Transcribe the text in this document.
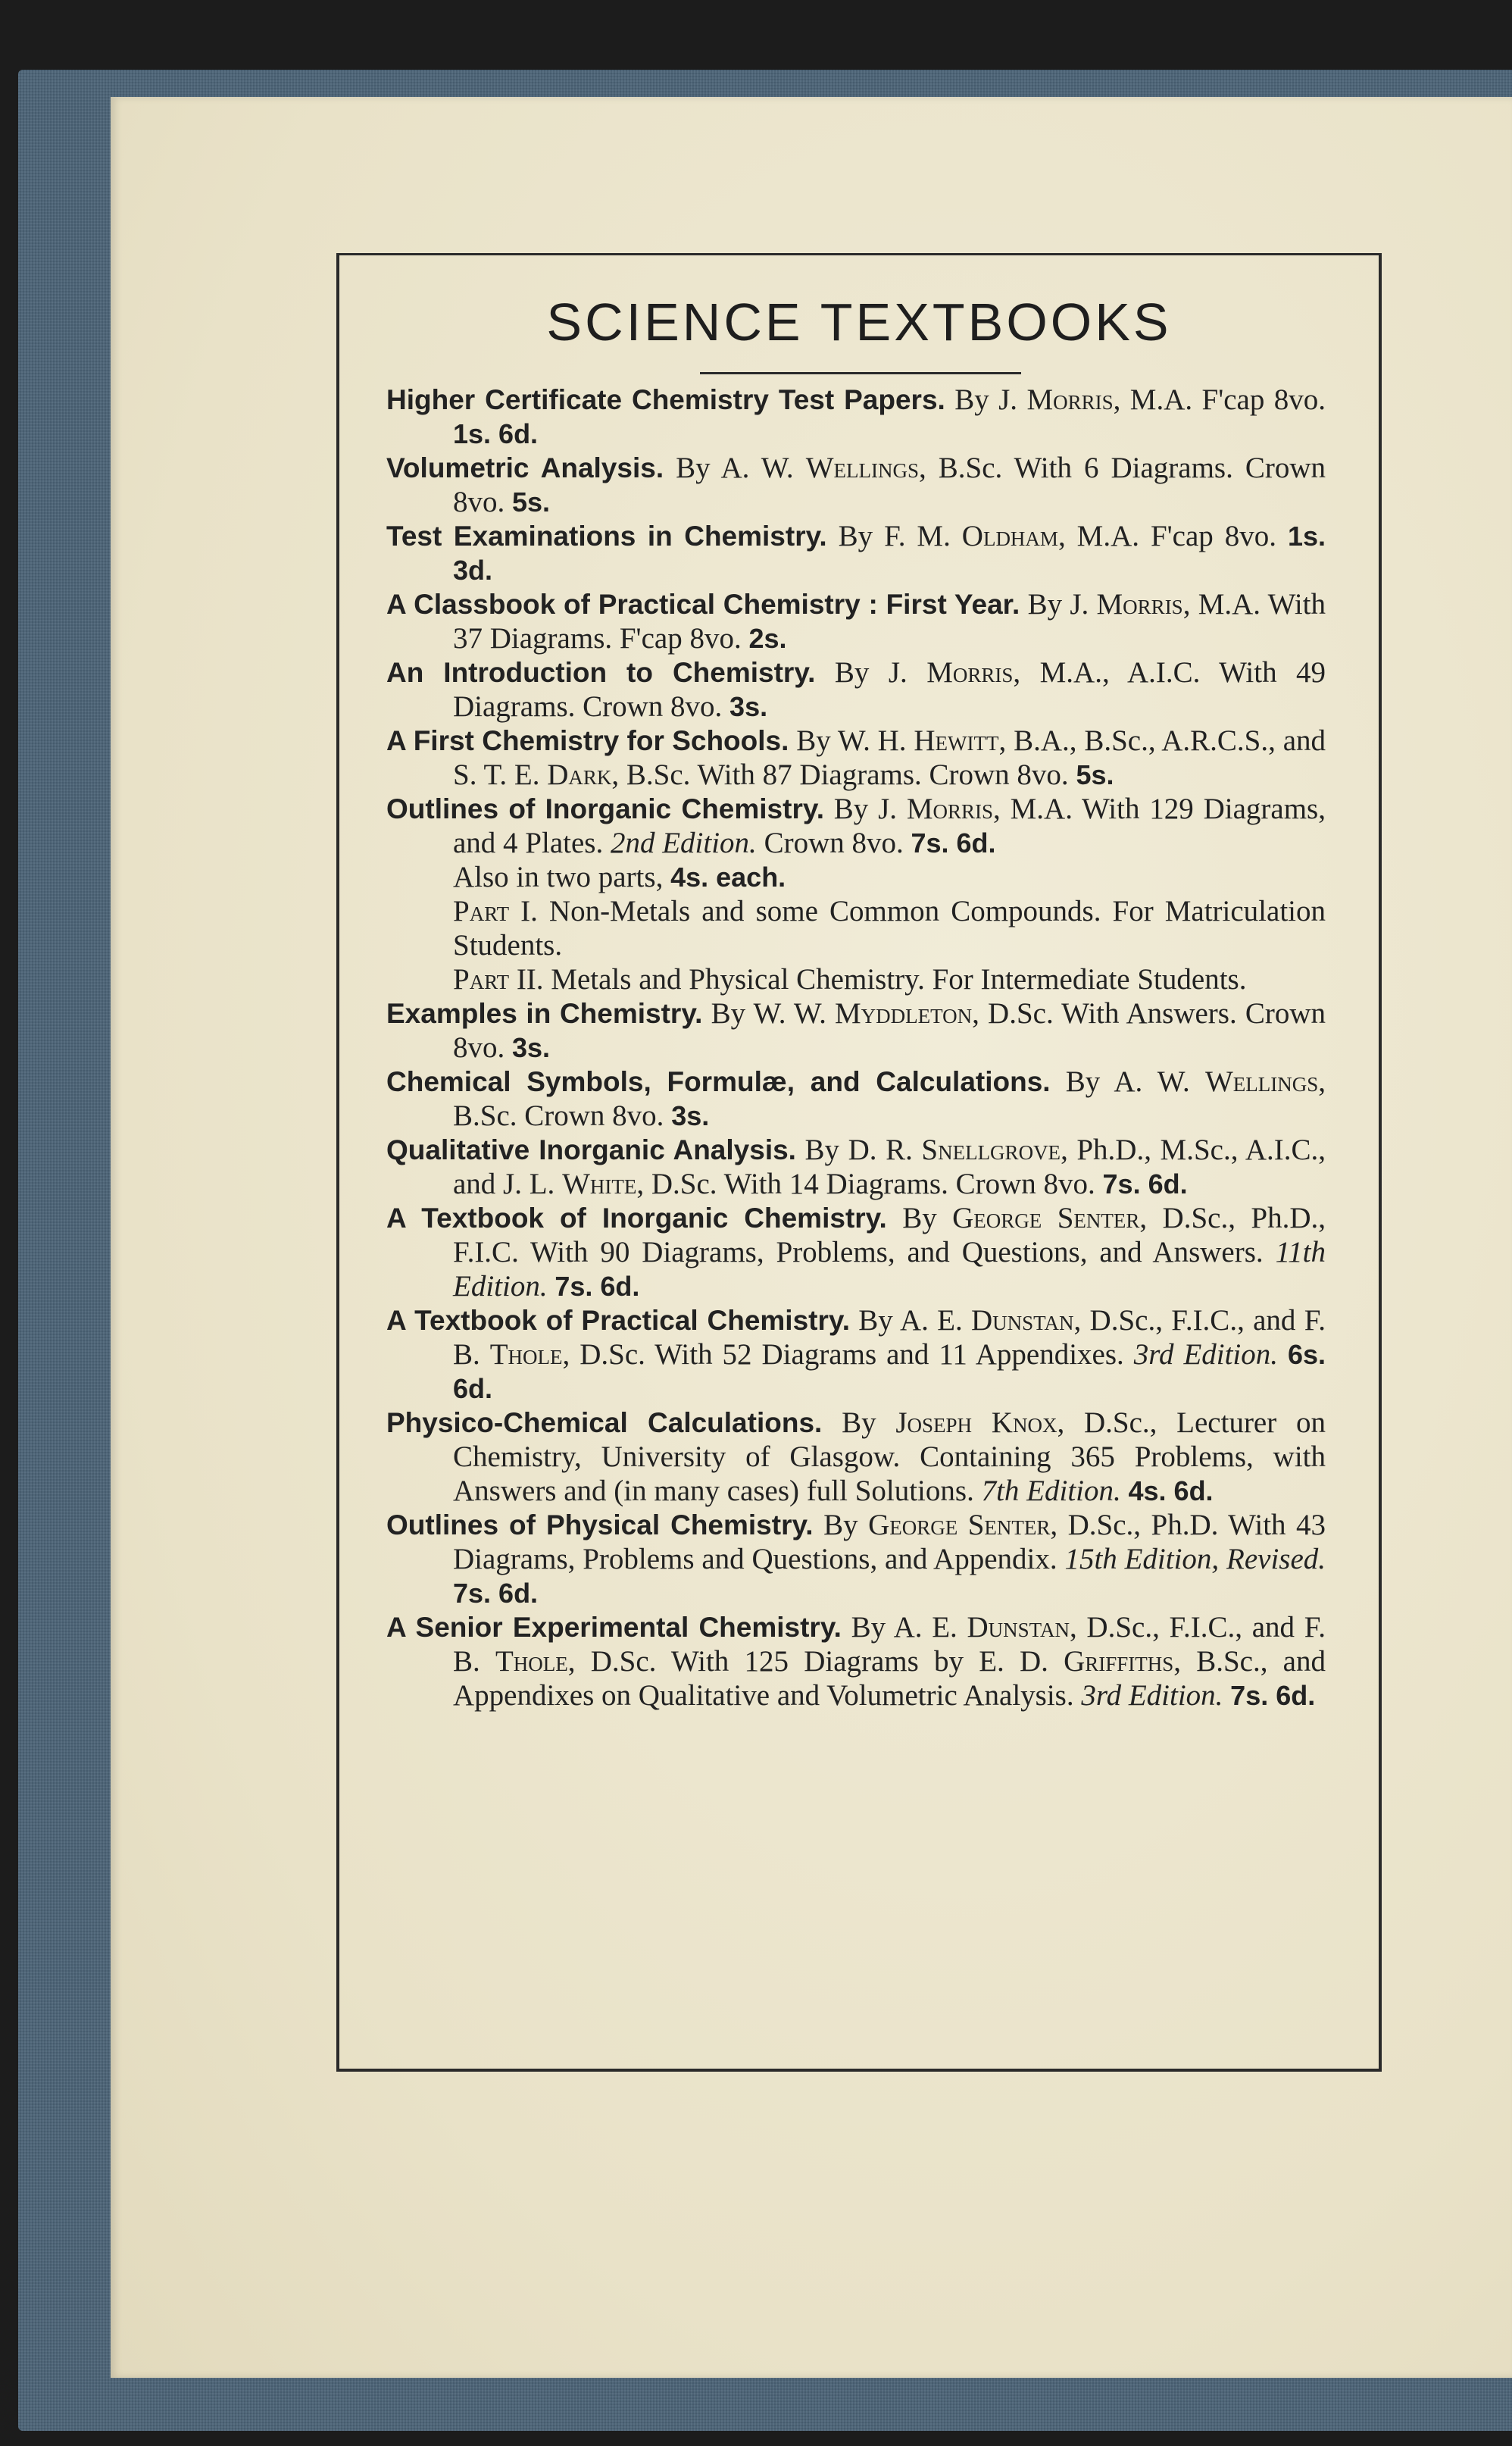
SCIENCE TEXTBOOKS

Higher Certificate Chemistry Test Papers. By J. Morris, M.A. F'cap 8vo. 1s. 6d.

Volumetric Analysis. By A. W. Wellings, B.Sc. With 6 Diagrams. Crown 8vo. 5s.

Test Examinations in Chemistry. By F. M. Oldham, M.A. F'cap 8vo. 1s. 3d.

A Classbook of Practical Chemistry : First Year. By J. Morris, M.A. With 37 Diagrams. F'cap 8vo. 2s.

An Introduction to Chemistry. By J. Morris, M.A., A.I.C. With 49 Diagrams. Crown 8vo. 3s.

A First Chemistry for Schools. By W. H. Hewitt, B.A., B.Sc., A.R.C.S., and S. T. E. Dark, B.Sc. With 87 Diagrams. Crown 8vo. 5s.

Outlines of Inorganic Chemistry. By J. Morris, M.A. With 129 Diagrams, and 4 Plates. 2nd Edition. Crown 8vo. 7s. 6d.

Also in two parts, 4s. each.

Part I. Non-Metals and some Common Compounds. For Matriculation Students.

Part II. Metals and Physical Chemistry. For Intermediate Students.

Examples in Chemistry. By W. W. Myddleton, D.Sc. With Answers. Crown 8vo. 3s.

Chemical Symbols, Formulæ, and Calculations. By A. W. Wellings, B.Sc. Crown 8vo. 3s.

Qualitative Inorganic Analysis. By D. R. Snellgrove, Ph.D., M.Sc., A.I.C., and J. L. White, D.Sc. With 14 Diagrams. Crown 8vo. 7s. 6d.

A Textbook of Inorganic Chemistry. By George Senter, D.Sc., Ph.D., F.I.C. With 90 Diagrams, Problems, and Questions, and Answers. 11th Edition. 7s. 6d.

A Textbook of Practical Chemistry. By A. E. Dunstan, D.Sc., F.I.C., and F. B. Thole, D.Sc. With 52 Diagrams and 11 Appendixes. 3rd Edition. 6s. 6d.

Physico-Chemical Calculations. By Joseph Knox, D.Sc., Lecturer on Chemistry, University of Glasgow. Containing 365 Problems, with Answers and (in many cases) full Solutions. 7th Edition. 4s. 6d.

Outlines of Physical Chemistry. By George Senter, D.Sc., Ph.D. With 43 Diagrams, Problems and Questions, and Appendix. 15th Edition, Revised. 7s. 6d.

A Senior Experimental Chemistry. By A. E. Dunstan, D.Sc., F.I.C., and F. B. Thole, D.Sc. With 125 Diagrams by E. D. Griffiths, B.Sc., and Appendixes on Qualitative and Volumetric Analysis. 3rd Edition. 7s. 6d.
